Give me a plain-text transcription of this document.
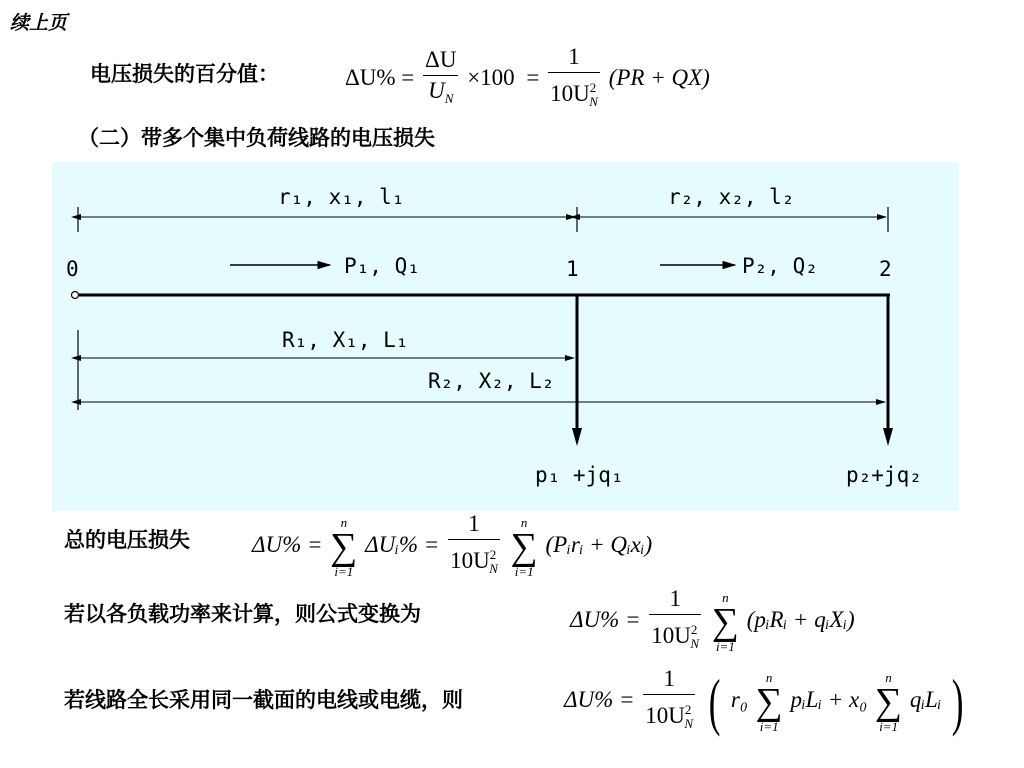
续上页
电压损失的百分值：	$\Delta U\% = \frac{\Delta U}{U_N} \times 100 = \frac{1}{10U^2_N} (PR + QX)$
（二）带多个集中负荷线路的电压损失
r₁, x₁, l₁	r₂, x₂, l₂
0	1	2
P₁, Q₁	P₂, Q₂
R₁, X₁, L₁
R₂, X₂, L₂
p₁ +jq₁	p₂+jq₂
总的电压损失	ΔU% =
n
∑
i=1
ΔUᵢ% = $\frac{1}{10U^2_N}$
	n
∑
i=1
(Pᵢrᵢ + Qᵢxᵢ)
若以各负载功率来计算，则公式变换为	$\Delta U\% = \frac{1}{10U^2_N}$
	n
∑
i=1
(pᵢRᵢ + qᵢXᵢ)
若线路全长采用同一截面的电线或电缆，则	$\Delta U\% = \frac{1}{10U^2_N}$ ( r₀
n
∑
i=1
pᵢLᵢ + x₀
n
∑
i=1
qᵢLᵢ )
